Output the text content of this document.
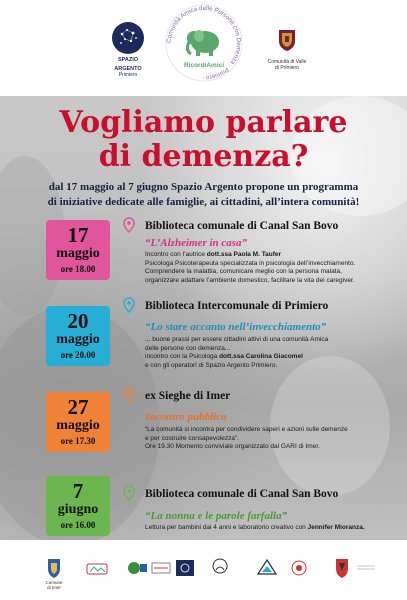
SPAZIO
ARGENTO
Primiero
Comunità Amica delle Persone con Demenza · Primiero ·
RicordiAmici	Comunità di Valle
di Primiero
Vogliamo parlare
di demenza?
dal 17 maggio al 7 giugno Spazio Argento propone un programma
di iniziative dedicate alle famiglie, ai cittadini, all’intera comunità!
17
maggio
ore 18.00
Biblioteca comunale di Canal San Bovo
“L’Alzheimer in casa”
Incontro con l’autrice dott.ssa Paola M. Taufer
Psicologa Psicoterapeuta specializzata in psicologia dell’invecchiamento.
Comprendere la malattia, comunicare meglio con la persona malata,
organizzare adattare l’ambiente domestico, facilitare la vita dei caregiver.
20
maggio
ore 20.00
Biblioteca Intercomunale di Primiero
“Lo stare accanto nell’invecchiamento”
... buone prassi per essere cittadini attivi di una comunità Amica
delle persone con demenza...
incontro con la Psicologa dott.ssa Carolina Giacomel
e con gli operatori di Spazio Argento Primiero.
27
maggio
ore 17.30
ex Sieghe di Imer
Incontro pubblico
“La comunità si incontra per condividere saperi e azioni sulle demenze
e per costruire consapevolezza”.
Ore 19.30 Momento conviviale organizzato dal GARI di Imer.
7
giugno
ore 16.00
Biblioteca comunale di Canal San Bovo
“La nonna e le parole farfalla”
Lettura per bambini dai 4 anni e laboratorio creativo con Jennifer Mioranza.
Comune
di Imer
